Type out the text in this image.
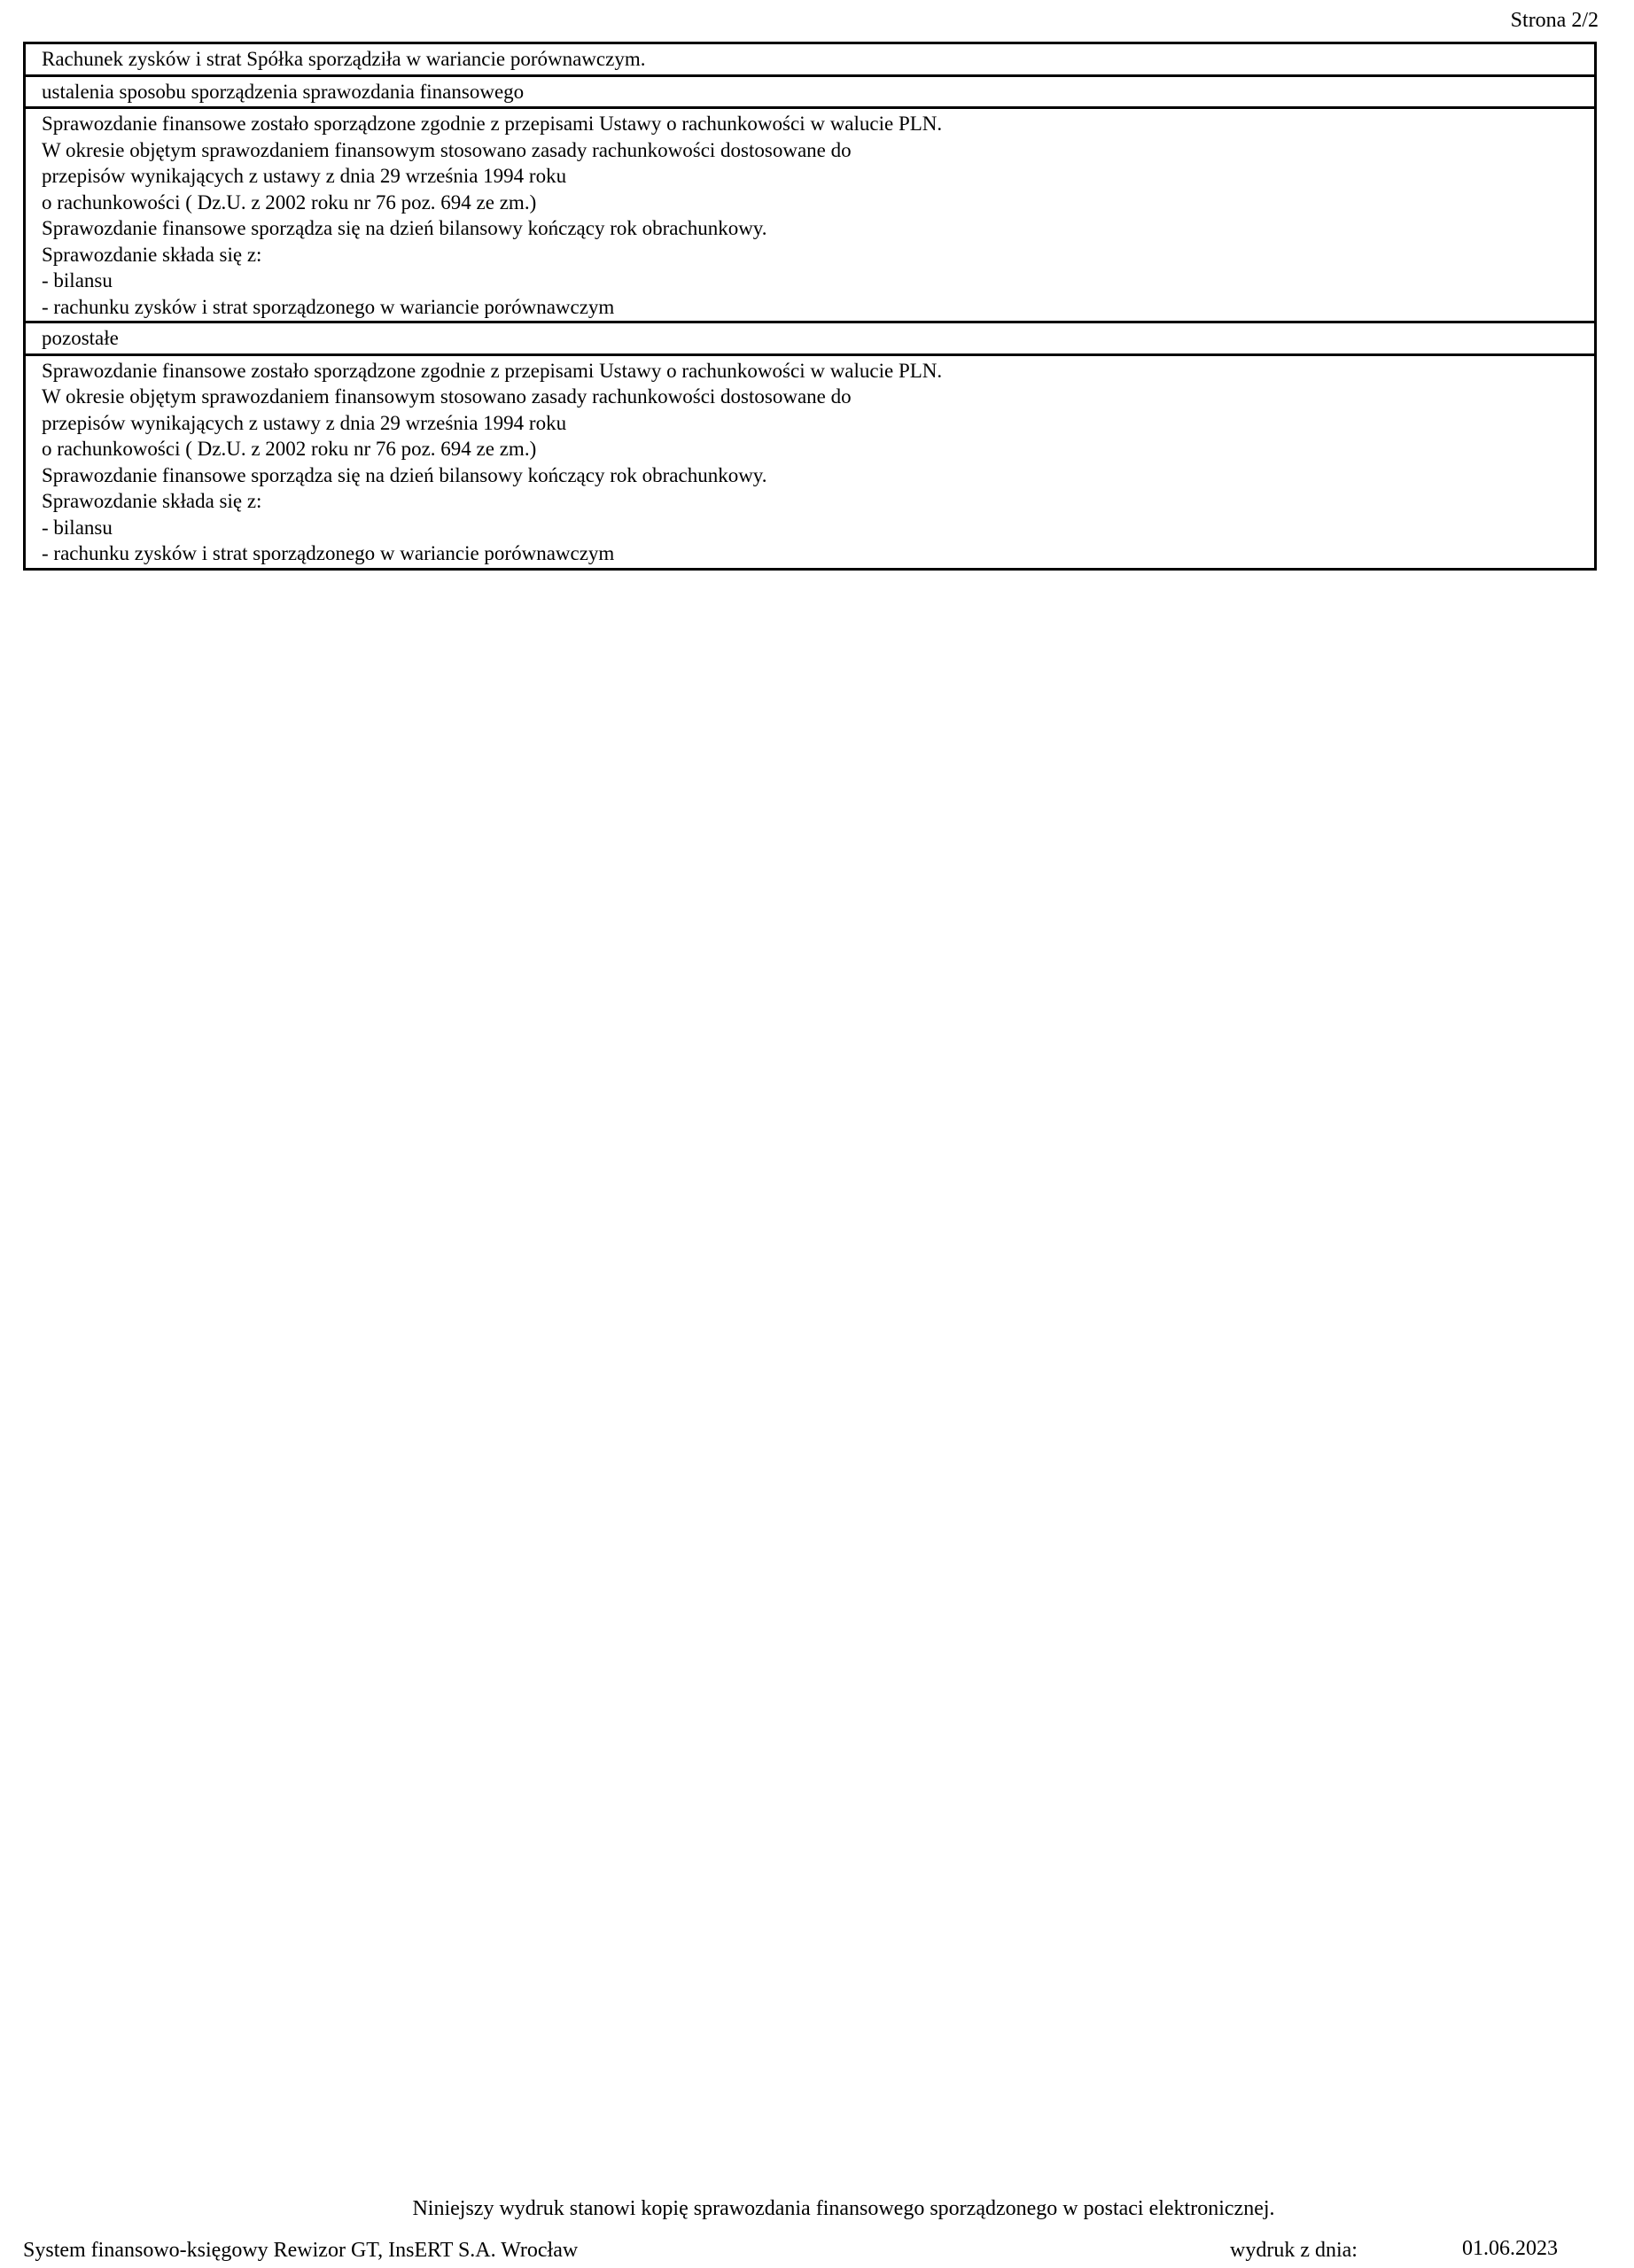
Strona 2/2
Rachunek zysków i strat Spółka sporządziła w wariancie porównawczym.
ustalenia sposobu sporządzenia sprawozdania finansowego
Sprawozdanie finansowe zostało sporządzone zgodnie z przepisami Ustawy o rachunkowości w walucie PLN.
W okresie objętym sprawozdaniem finansowym stosowano zasady rachunkowości dostosowane do
przepisów wynikających z ustawy z dnia 29 września 1994 roku
o rachunkowości ( Dz.U. z 2002 roku nr 76 poz. 694 ze zm.)
Sprawozdanie finansowe sporządza się na dzień bilansowy kończący rok obrachunkowy.
Sprawozdanie składa się z:
- bilansu
- rachunku zysków i strat sporządzonego w wariancie porównawczym
pozostałe
Sprawozdanie finansowe zostało sporządzone zgodnie z przepisami Ustawy o rachunkowości w walucie PLN.
W okresie objętym sprawozdaniem finansowym stosowano zasady rachunkowości dostosowane do
przepisów wynikających z ustawy z dnia 29 września 1994 roku
o rachunkowości ( Dz.U. z 2002 roku nr 76 poz. 694 ze zm.)
Sprawozdanie finansowe sporządza się na dzień bilansowy kończący rok obrachunkowy.
Sprawozdanie składa się z:
- bilansu
- rachunku zysków i strat sporządzonego w wariancie porównawczym
Niniejszy wydruk stanowi kopię sprawozdania finansowego sporządzonego w postaci elektronicznej.
System finansowo-księgowy Rewizor GT, InsERT S.A. Wrocław	wydruk z dnia:	01.06.2023
